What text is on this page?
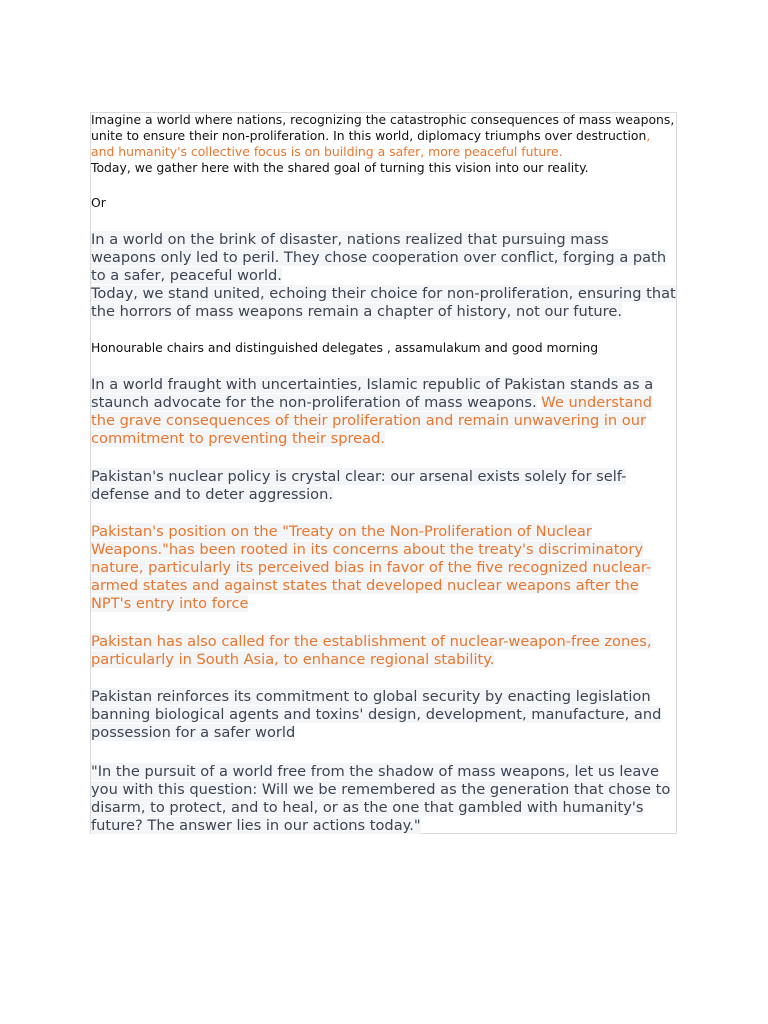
Imagine a world where nations, recognizing the catastrophic consequences of mass weapons, unite to ensure their non-proliferation. In this world, diplomacy triumphs over destruction, and humanity's collective focus is on building a safer, more peaceful future.
Today, we gather here with the shared goal of turning this vision into our reality.

Or

In a world on the brink of disaster, nations realized that pursuing mass weapons only led to peril. They chose cooperation over conflict, forging a path to a safer, peaceful world.
Today, we stand united, echoing their choice for non-proliferation, ensuring that the horrors of mass weapons remain a chapter of history, not our future.

Honourable chairs and distinguished delegates , assamulakum and good morning

In a world fraught with uncertainties, Islamic republic of Pakistan stands as a staunch advocate for the non-proliferation of mass weapons. We understand the grave consequences of their proliferation and remain unwavering in our commitment to preventing their spread.

Pakistan's nuclear policy is crystal clear: our arsenal exists solely for self-defense and to deter aggression.

Pakistan's position on the "Treaty on the Non-Proliferation of Nuclear Weapons."has been rooted in its concerns about the treaty's discriminatory nature, particularly its perceived bias in favor of the five recognized nuclear-armed states and against states that developed nuclear weapons after the NPT's entry into force

Pakistan has also called for the establishment of nuclear-weapon-free zones, particularly in South Asia, to enhance regional stability.

Pakistan reinforces its commitment to global security by enacting legislation banning biological agents and toxins' design, development, manufacture, and possession for a safer world

"In the pursuit of a world free from the shadow of mass weapons, let us leave you with this question: Will we be remembered as the generation that chose to disarm, to protect, and to heal, or as the one that gambled with humanity's future? The answer lies in our actions today."
